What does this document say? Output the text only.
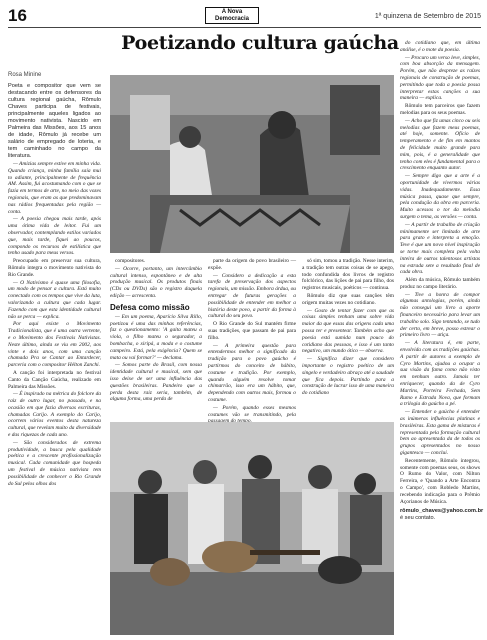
16	A Nova
Democracia	1ª quinzena de Setembro de 2015
Poetizando cultura gaúcha
Rosa Minine

Poeta e compositor que vem se destacando entre os defensores da cultura regional gaúcha, Rômulo Chaves participa de festivais, principalmente aqueles ligados ao movimento nativista. Nascido em Palmeira das Missões, aos 15 anos de idade, Rômulo já recebe um salário de empregado de loteria, e tem caminhado no campo da literatura.

— Amizias sempre estive em minha vida. Quando criança, minha família saía mui to adiante, principalmente de frequência AM. Assim, fui acostumando com o que se fazia em termos de arte, no meio das vozes regionais, que eram as que predominavam nas rádios frequentadas pela região — conta.

— A poesia chegou mais tarde, após uma ótima vida de leitor. Fui um observador, contemplando estilos variados que, mais tarde, fiquei ao poucos, compondo os recursos de estilística que tenho usado para meus versos.

Preocupado em preservar sua cultura, Rômulo integra o movimento nativista do Rio Grande.

— O Nativismo é quase uma filosofia, um modo de pensar a cultura. Está muito conectado com os tempos que vive da luta, valorizando a cultura que cada lugar. Fazendo com que esta identidade cultural não se perca — explica.

Por aqui existe o Movimento Tradicionalista, que é uma outra vertente, e o Movimento dos Festivais Nativistas. Neste último, ainda se viu em 2002, aos vinte e dois anos, com uma canção chamada Pra se Cantar ao Entardecer, parceria com o compositor Hélton Zanchi.

A canção foi interpretada no festival Canto da Canção Gaúcha, realizado em Palmeira das Missões.

— É inspirado na métrica do folclore da raiz de outro lugar, no passado, e na ocasião em que fazia diversas escrituras, chamadas Carijo. A exemplo do Carijo, ocorrem vários eventos desta natureza cultural, que revelam muito da diversidade e das riquezas de cada uno.

— São considerados de extrema produtividade, a busca pela qualidade poética e a crescente profissionalização musical. Cada comunidade que hospeda um festival de música nativista tem possibilidade de conhecer o Rio Grande do Sul pelos olhos dos

compositores.

— Ocorre, portanto, um intercâmbio cultural intenso, espontâneo e de alta produção musical. Os produtos finais (CDs ou DVDs) são o registro daquela edição — acrescenta.

Defesa como missão

— Em um poema, Aparício Silva Rillo, poetizou é uma das minhas referências, faz o questionamento: 'A gaita mateu a viola, o filho mateu o segurador, a bombacha, o xiripá, a moda e o costume campeiro. Está, pela exigência? Quem se mata ou vai formar?' — declama.

— Somos parte do Brasil, com nossa identidade cultural e musical, sem que isso deixe de ser uma influência das questões brasileiras. Pandeiro que a perda desta raiz seria, também, de alguma forma, uma perda de

parte da origem do povo brasileiro — expõe.

— Considero a dedicação a esta tarefa de preservação dos aspectos regionais, um missão. Embora árdua, ou entregar de futuras gerações a possibilidade de entender em melhor a história deste povo, a partir da forma à cultural do seu povo.

O Rio Grande do Sul mantém firme suas tradições, que passam de pai para filho.

— A primeira questão para entendermos melhor o significado da tradição para o povo gaúcho é partirmos do conceito de hábito, costume e tradição. Por exemplo, quando alguém resolve tomar chimarrão, isso era um hábito, que, dependendo com outros mais, formou o costume.

— Porém, quando esses mesmos costumes vão se transmitindo, pela

só sim, tomou a tradição. Nesse interim, a tradição tem outras coisas de se apego, todo confundida dos livros de registro folclórico, das lições de pai para filho, dos registros musicais, poéticos — continua.

Rômulo diz que suas canções têm origem muitas vezes no cotidiano.

— Gosto de tentar fazer com que as coisas simples tenham uma sobre vida maior da que essas das origens cada uma possa ter e presentear. Também acho que poesia está sumida num pouco do cotidiano das pessoas, e isso é um tanto negativo, um mundo ótico — observa.

— Significa dizer que considero importante o registro poético de um singelo e verdadeiro abraço até a saudade que fica depois. Partindo para a construção de lucrar isso de uma maneira do cotidiano

do cotidiano que, em última análise, é o mote da poesia.

— Procuro um verso leve, simples, com boa absorção da mensagem. Porém, que não despreze as raízes regionais de construção de poemas, permitindo que toda a poesia possa interpretar estas canções a sua maneira — explica.

Rômulo tem parceiros que fazem melodias para os seus poemas.

— Acho que fiz umas cinco ou seis melodias que fazem meus poemas, até hoje, somente. Ofício de temperamento e de fim em mantos de felicidade muito grande para mim, pois, é a generalidade que tenho com eles é fundamental para o crescimento enquanto autor.

— Sempre digo que a arte é a oportunidade de vivermos várias vidas. Inadequadamente. Essa música passa, quase que sempre, pela condução da obra em parceria. Muito acessos o tor da melodia surgem o tema, as versões — conta.

— A partir de trabalho de criação minimamente ser limitado de arte para grato e interpreta a emoção. Teve é que um novo nível inspiração se torne mais completa pela volta inteira de outros talentosos artistas na estrada sete a resultado final de cada obra.

Além da música, Rômulo também produz no campo literário.

— Tive a honra de compor algumas antologias, porém, ainda não consegui um livro a aporte financeiro necessário para levar um trabalho solo. Sigo tentando, se tudo der certo, em breve, posso estrear o primeiro livro — atiça.

— A literatura é, em parte, envolvida com as tradições gaúchas. A partir de autores a exemplo de Cyro Martins, ajudou a ocupar a sua visão da fama como não visto em nenhum outro. Jamais ter enriquecer, quando da de Cyro Martins, Porteira Fechada, Sem Rumo e Estrada Nova, que formam a trilogia do gaúcho a pé.

— Entender o gaúcho é entender as inúmeras influências platinas e brasileiras. Esta gama de misturas é representada pela formação cultural bem ao apresentada da de todos os grupos apresentados no nosso gigantesco — conclui.

Recentemente, Rômulo integrou, somente com poemas seus, os shows O Rumo do Valor, com Nilton Ferreira, e 'Quando a Arte Encontra o Campo', com Robledo Martins, recebendo indicação para o Prêmio Açorianos de Música.

rômulo_chaves@yahoo.com.br é seu contato.
